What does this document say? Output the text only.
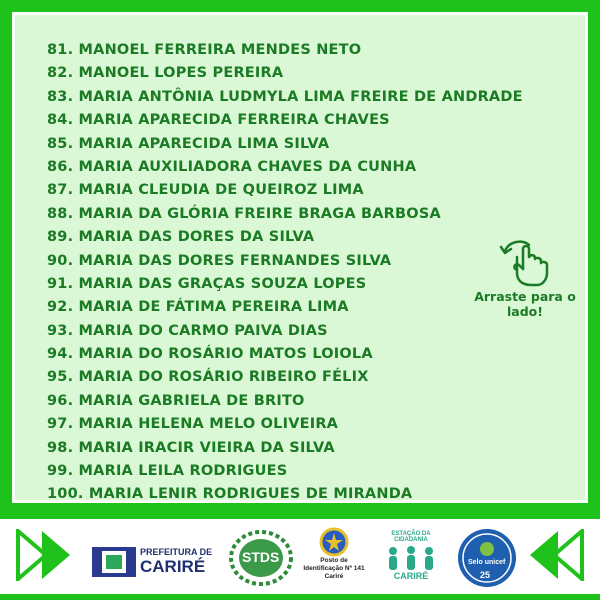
81. MANOEL FERREIRA MENDES NETO
82. MANOEL LOPES PEREIRA
83. MARIA ANTÔNIA LUDMYLA LIMA FREIRE DE ANDRADE
84. MARIA APARECIDA FERREIRA CHAVES
85. MARIA APARECIDA LIMA SILVA
86. MARIA AUXILIADORA CHAVES DA CUNHA
87. MARIA CLEUDIA DE QUEIROZ LIMA
88. MARIA DA GLÓRIA FREIRE BRAGA BARBOSA
89. MARIA DAS DORES DA SILVA
90. MARIA DAS DORES FERNANDES SILVA
91. MARIA DAS GRAÇAS SOUZA LOPES
92. MARIA DE FÁTIMA PEREIRA LIMA
93. MARIA DO CARMO PAIVA DIAS
94. MARIA DO ROSÁRIO MATOS LOIOLA
95. MARIA DO ROSÁRIO RIBEIRO FÉLIX
96. MARIA GABRIELA DE BRITO
97. MARIA HELENA MELO OLIVEIRA
98. MARIA IRACIR VIEIRA DA SILVA
99. MARIA LEILA RODRIGUES
100. MARIA LENIR RODRIGUES DE MIRANDA
Arraste para o lado!
PREFEITURA DE
CARIRÉ	STDS	Posto de
Identificação Nº 141
Cariré
ESTAÇÃO DA CIDADANIA
CARIRÉ
Selo unicef
25
